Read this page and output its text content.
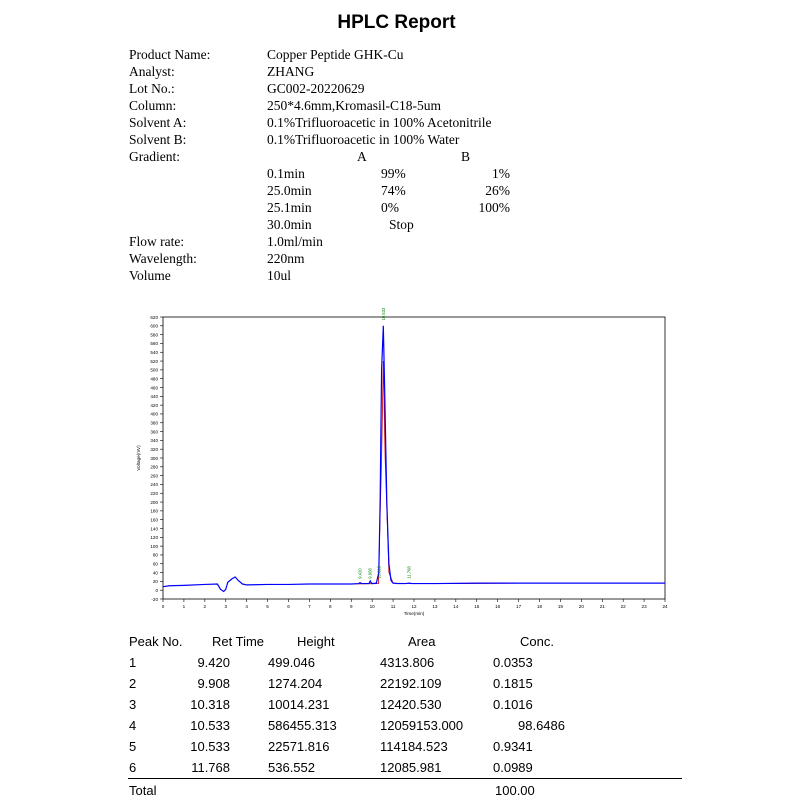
HPLC Report
Product Name:	Copper Peptide GHK-Cu
Analyst:	ZHANG
Lot No.:	GC002-20220629
Column:	250*4.6mm,Kromasil-C18-5um
Solvent A:	0.1%Trifluoroacetic in 100% Acetonitrile
Solvent B:	0.1%Trifluoroacetic in 100% Water
Gradient:
Flow rate:	1.0ml/min
Wavelength:	220nm
Volume	10ul
A	B
0.1min	99%	1%
25.0min	74%	26%
25.1min	0%	100%
30.0min	Stop
-20
0
20
40
60
80
100
120
140
160
180
200
220
240
260
280
300
320
340
360
380
400
420
440
460
480
500
520
540
560
580
600
620
0	1	2	3	4	5	6	7	8	9	10	11	12	13	14	15	16	17	18	19	20	21	22	23	24
Time(min)
Voltage(mV)
9.420 9.908 10.318
10.533
11.768
Peak No. Ret Time	Height	Area	Conc.
1	9.420	499.046	4313.806	0.0353
2	9.908	1274.204	22192.109	0.1815
3	10.318	10014.231	12420.530	0.1016
4	10.533	586455.313	12059153.000	98.6486
5	10.533	22571.816	114184.523	0.9341
6	11.768	536.552	12085.981	0.0989
Total	100.00
